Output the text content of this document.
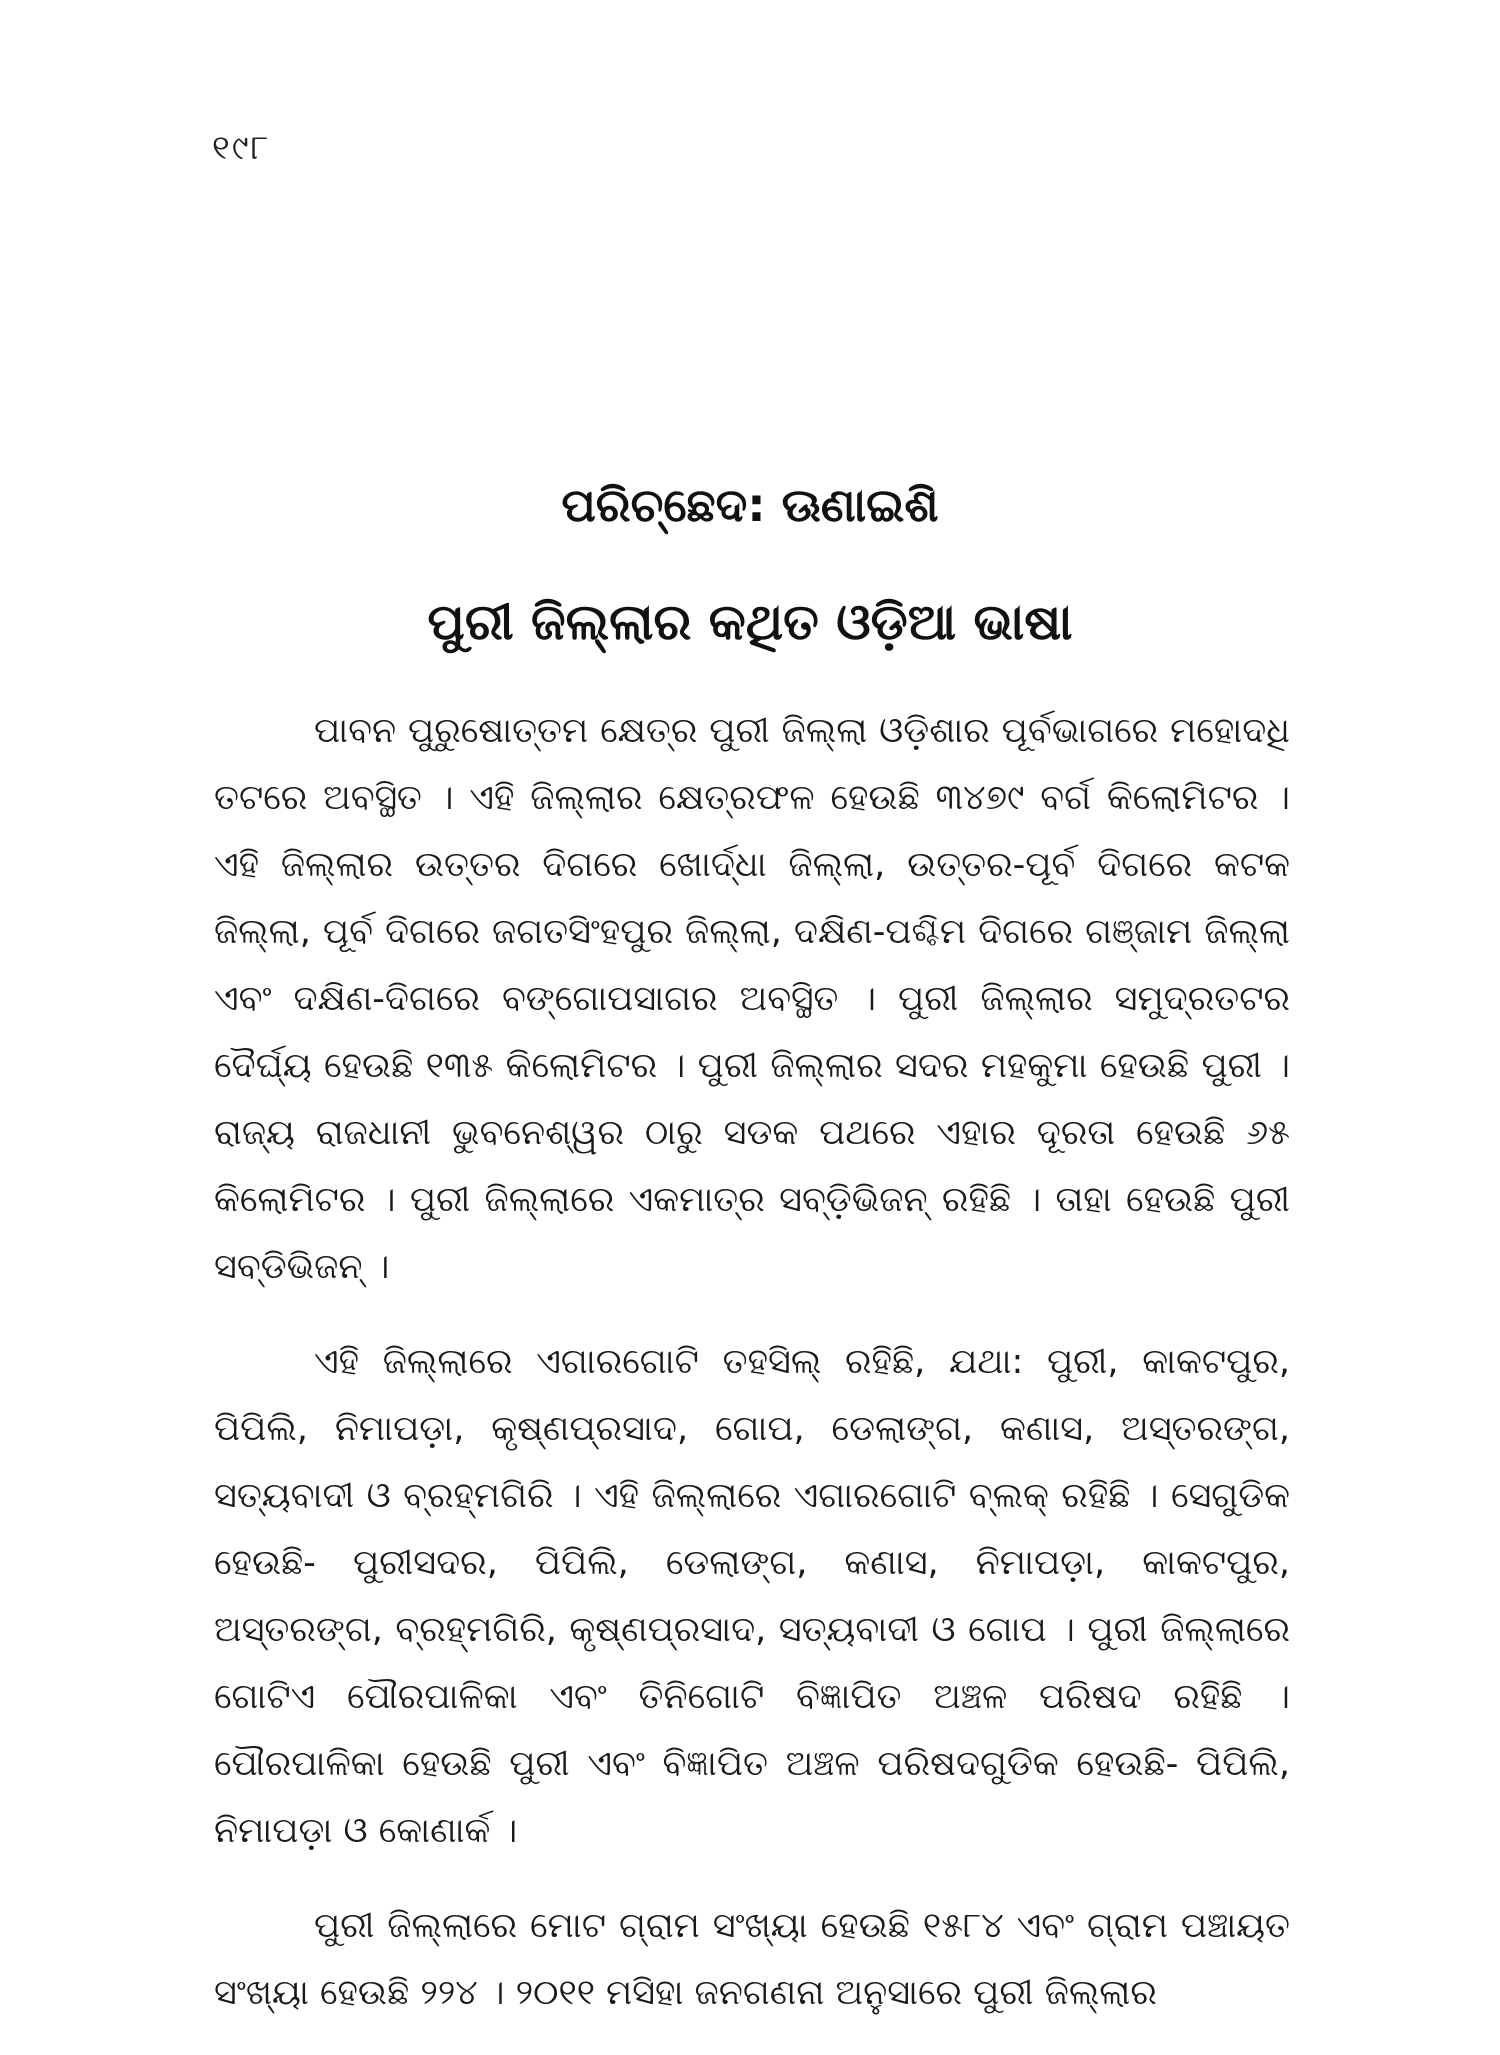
୧୯୮
ପରିଚ୍ଛେଦ: ଊଣାଇଶି
ପୁରୀ ଜିଲ୍ଲାର କଥିତ ଓଡ଼ିଆ ଭାଷା

ପାବନ ପୁରୁଷୋତ୍ତମ କ୍ଷେତ୍ର ପୁରୀ ଜିଲ୍ଲା ଓଡ଼ିଶାର ପୂର୍ବଭାଗରେ ମହୋଦଧି ତଟରେ ଅବସ୍ଥିତ । ଏହି ଜିଲ୍ଲାର କ୍ଷେତ୍ରଫଳ ହେଉଛି ୩୪୭୯ ବର୍ଗ କିଲୋମିଟର । ଏହି ଜିଲ୍ଲାର ଉତ୍ତର ଦିଗରେ ଖୋର୍ଦ୍ଧା ଜିଲ୍ଲା, ଉତ୍ତର-ପୂର୍ବ ଦିଗରେ କଟକ ଜିଲ୍ଲା, ପୂର୍ବ ଦିଗରେ ଜଗତସିଂହପୁର ଜିଲ୍ଲା, ଦକ୍ଷିଣ-ପଶ୍ଚିମ ଦିଗରେ ଗଞ୍ଜାମ ଜିଲ୍ଲା ଏବଂ ଦକ୍ଷିଣ-ଦିଗରେ ବଙ୍ଗୋପସାଗର ଅବସ୍ଥିତ । ପୁରୀ ଜିଲ୍ଲାର ସମୁଦ୍ରତଟର ଦୈର୍ଘ୍ୟ ହେଉଛି ୧୩୫ କିଲୋମିଟର । ପୁରୀ ଜିଲ୍ଲାର ସଦର ମହକୁମା ହେଉଛି ପୁରୀ । ରାଜ୍ୟ ରାଜଧାନୀ ଭୁବନେଶ୍ୱର ଠାରୁ ସଡକ ପଥରେ ଏହାର ଦୂରତା ହେଉଛି ୬୫ କିଲୋମିଟର । ପୁରୀ ଜିଲ୍ଲାରେ ଏକମାତ୍ର ସବ୍‌ଡ଼ିଭିଜନ୍ ରହିଛି । ତାହା ହେଉଛି ପୁରୀ ସବ୍‌ଡିଭିଜନ୍ ।

ଏହି ଜିଲ୍ଲାରେ ଏଗାରଗୋଟି ତହସିଲ୍ ରହିଛି, ଯଥା: ପୁରୀ, କାକଟପୁର, ପିପିଲି, ନିମାପଡ଼ା, କୃଷ୍ଣପ୍ରସାଦ, ଗୋପ, ଡେଲାଙ୍ଗ, କଣାସ, ଅସ୍ତରଙ୍ଗ, ସତ୍ୟବାଦୀ ଓ ବ୍ରହ୍ମଗିରି । ଏହି ଜିଲ୍ଲାରେ ଏଗାରଗୋଟି ବ୍ଲକ୍ ରହିଛି । ସେଗୁଡିକ ହେଉଛି- ପୁରୀସଦର, ପିପିଲି, ଡେଲାଙ୍ଗ, କଣାସ, ନିମାପଡ଼ା, କାକଟପୁର, ଅସ୍ତରଙ୍ଗ, ବ୍ରହ୍ମଗିରି, କୃଷ୍ଣପ୍ରସାଦ, ସତ୍ୟବାଦୀ ଓ ଗୋପ । ପୁରୀ ଜିଲ୍ଲାରେ ଗୋଟିଏ ପୌରପାଳିକା ଏବଂ ତିନିଗୋଟି ବିଜ୍ଞାପିତ ଅଞ୍ଚଳ ପରିଷଦ ରହିଛି । ପୌରପାଳିକା ହେଉଛି ପୁରୀ ଏବଂ ବିଜ୍ଞାପିତ ଅଞ୍ଚଳ ପରିଷଦଗୁଡିକ ହେଉଛି- ପିପିଲି, ନିମାପଡ଼ା ଓ କୋଣାର୍କ ।

ପୁରୀ ଜିଲ୍ଲାରେ ମୋଟ ଗ୍ରାମ ସଂଖ୍ୟା ହେଉଛି ୧୫୮୪ ଏବଂ ଗ୍ରାମ ପଞ୍ଚାୟତ ସଂଖ୍ୟା ହେଉଛି ୨୨୪ । ୨୦୧୧ ମସିହା ଜନଗଣନା ଅନୁସାରେ ପୁରୀ ଜିଲ୍ଲାର
